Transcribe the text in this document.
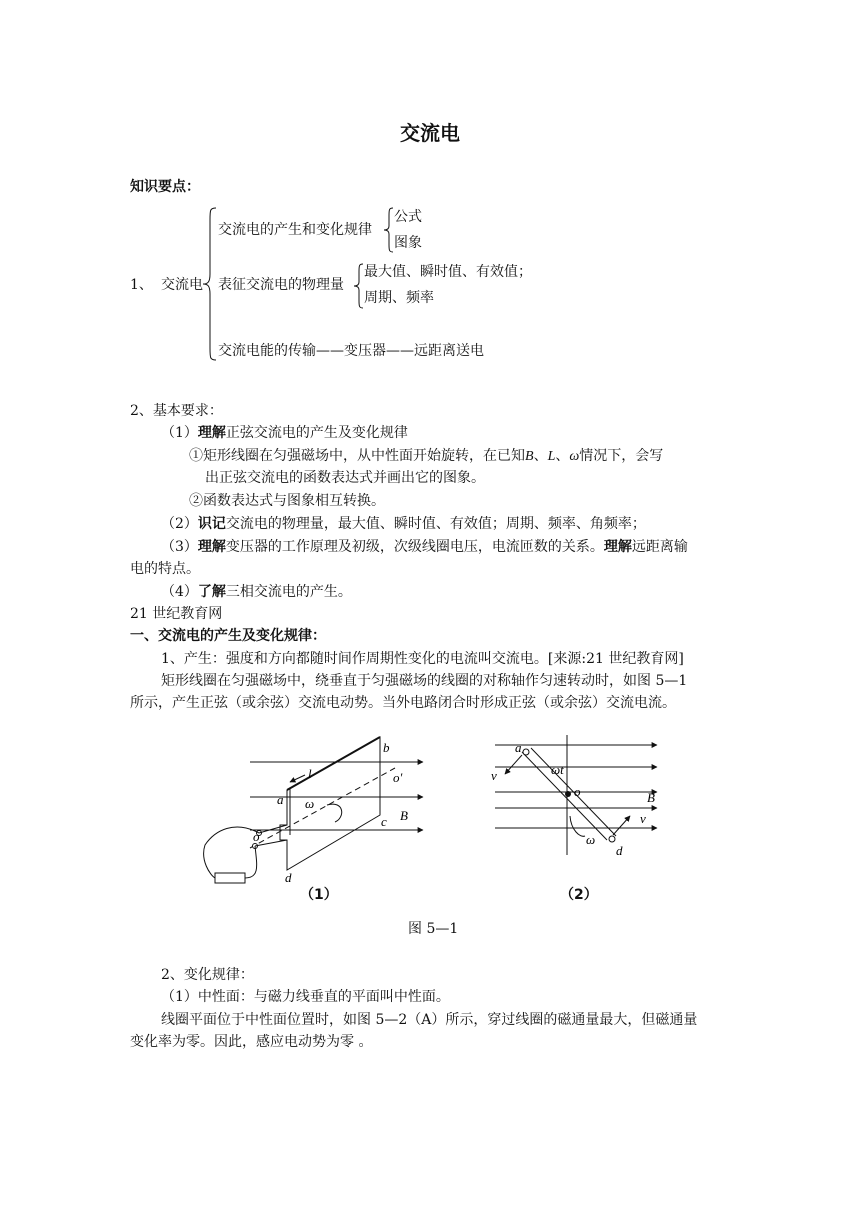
交流电
知识要点：
1、 交流电
交流电的产生和变化规律
公式
图象
表征交流电的物理量
最大值、瞬时值、有效值；
周期、频率
交流电能的传输——变压器——远距离送电
2、基本要求：
（1）理解正弦交流电的产生及变化规律
①矩形线圈在匀强磁场中，从中性面开始旋转，在已知B、L、ω情况下，会写
出正弦交流电的函数表达式并画出它的图象。
②函数表达式与图象相互转换。
（2）识记交流电的物理量，最大值、瞬时值、有效值；周期、频率、角频率；
（3）理解变压器的工作原理及初级，次级线圈电压，电流匝数的关系。理解远距离输
电的特点。
（4）了解三相交流电的产生。
21 世纪教育网
一、交流电的产生及变化规律：
1、产生：强度和方向都随时间作周期性变化的电流叫交流电。[来源:21 世纪教育网]
矩形线圈在匀强磁场中，绕垂直于匀强磁场的线圈的对称轴作匀速转动时，如图 5—1
所示，产生正弦（或余弦）交流电动势。当外电路闭合时形成正弦（或余弦）交流电流。
a
b
c
d
l
ω
o
o′
B
（1）
a
d
o
ωt
ω
B
v
v
（2）
图 5—1
2、变化规律：
（1）中性面：与磁力线垂直的平面叫中性面。
线圈平面位于中性面位置时，如图 5—2（A）所示，穿过线圈的磁通量最大，但磁通量
变化率为零。因此，感应电动势为零 。
